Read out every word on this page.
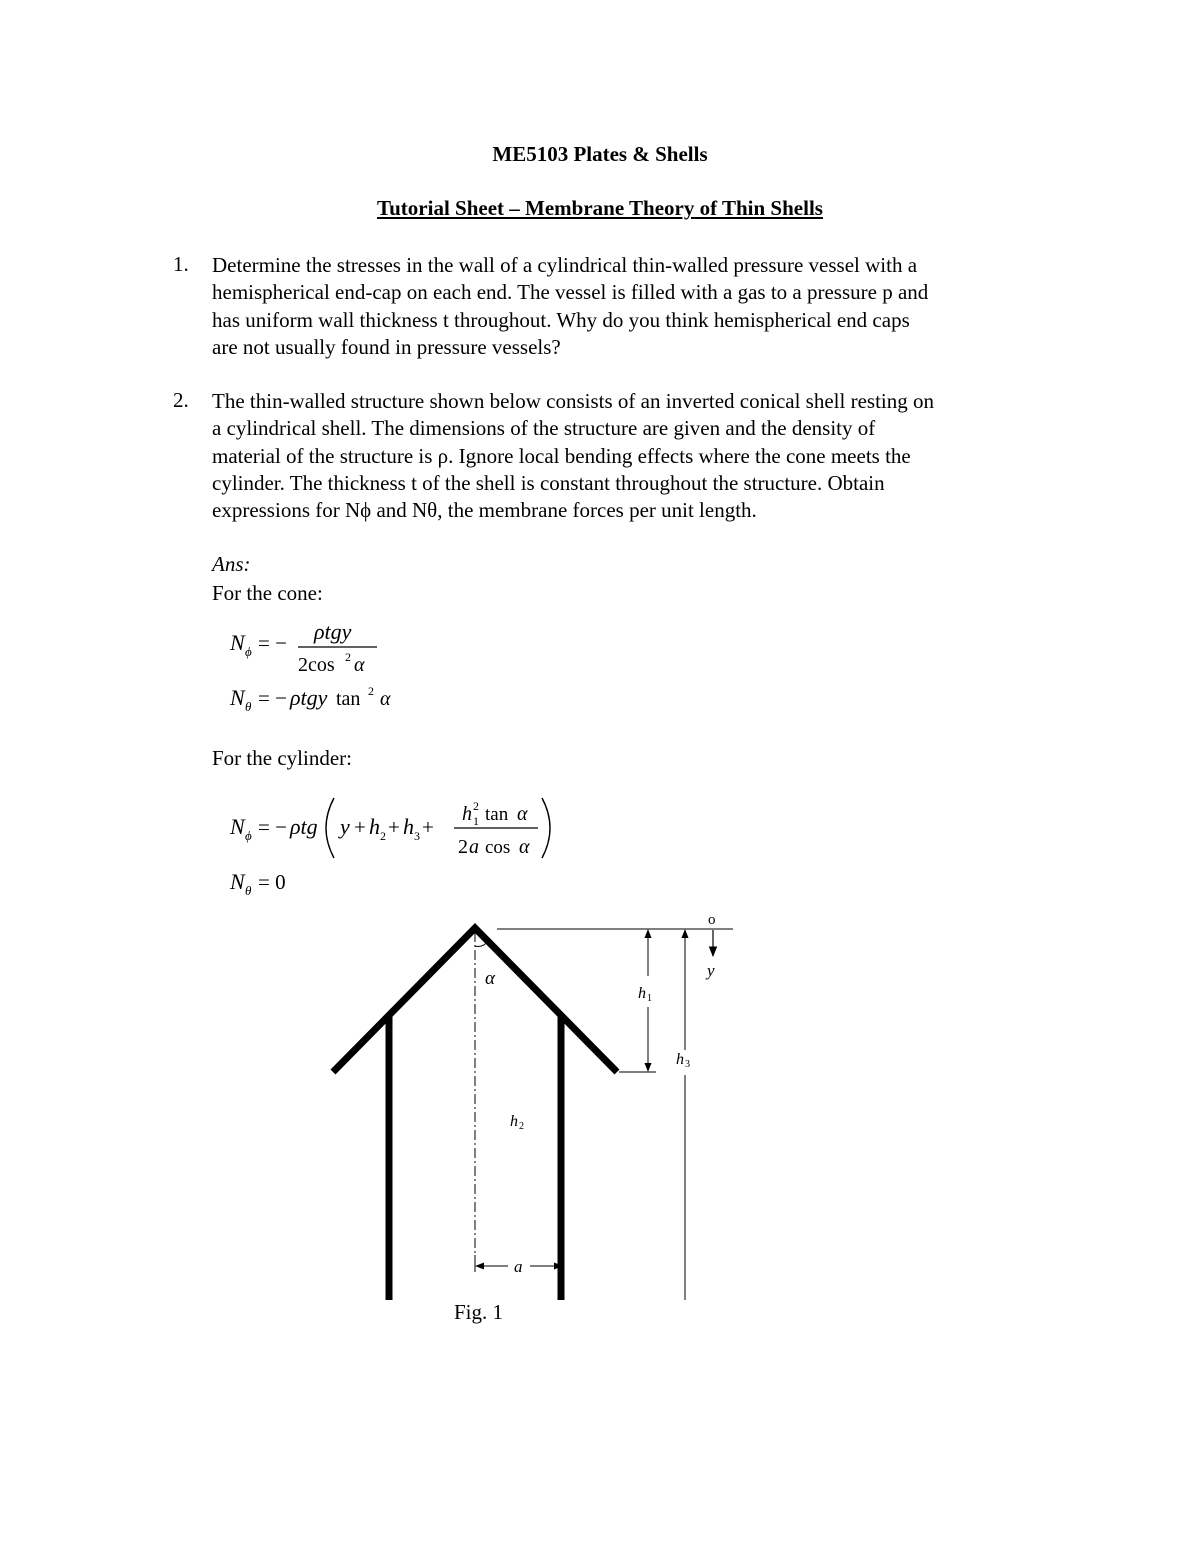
ME5103 Plates & Shells
Tutorial Sheet – Membrane Theory of Thin Shells
1. Determine the stresses in the wall of a cylindrical thin-walled pressure vessel with a
hemispherical end-cap on each end. The vessel is filled with a gas to a pressure p and
has uniform wall thickness t throughout. Why do you think hemispherical end caps
are not usually found in pressure vessels?
2. The thin-walled structure shown below consists of an inverted conical shell resting on
a cylindrical shell. The dimensions of the structure are given and the density of
material of the structure is ρ. Ignore local bending effects where the cone meets the
cylinder. The thickness t of the shell is constant throughout the structure. Obtain
expressions for Nϕ and Nθ, the membrane forces per unit length.
Ans:
For the cone:
N ϕ = − ρtgy
2cos 2 α
N θ = − ρtgy tan 2 α
For the cylinder:
N ϕ = − ρtg y + h 2 + h 3 +
h 2
1 tan α
2 a cos α
N θ = 0
α
h 1
h 3
h 2
a
o
y
Fig. 1
